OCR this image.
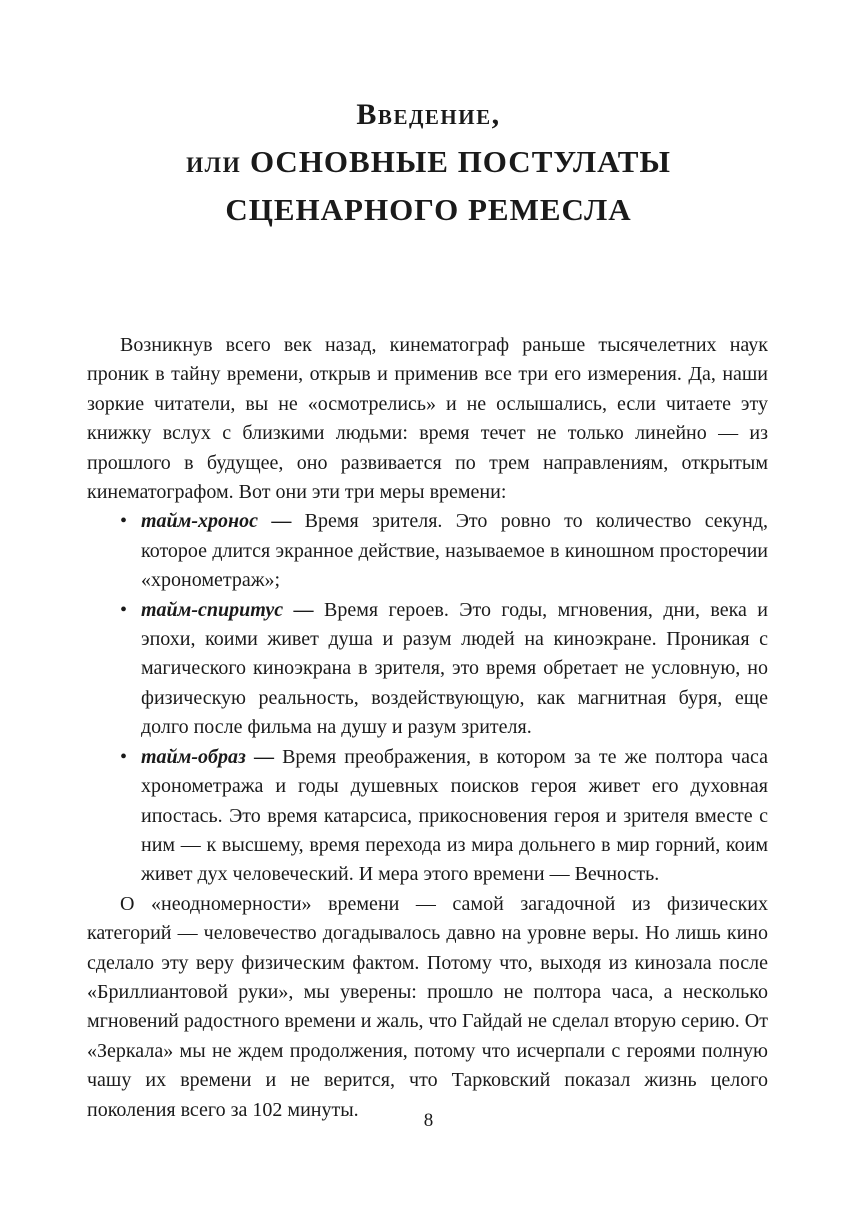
Введение,
или ОСНОВНЫЕ ПОСТУЛАТЫ
СЦЕНАРНОГО РЕМЕСЛА

Возникнув всего век назад, кинематограф раньше тысячелетних наук проник в тайну времени, открыв и применив все три его измерения. Да, наши зоркие читатели, вы не «осмотрелись» и не ослышались, если читаете эту книжку вслух с близкими людьми: время течет не только линейно — из прошлого в будущее, оно развивается по трем направлениям, открытым кинематографом. Вот они эти три меры времени:

• тайм-хронос — Время зрителя. Это ровно то количество секунд, которое длится экранное действие, называемое в киношном просторечии «хронометраж»;
• тайм-спиритус — Время героев. Это годы, мгновения, дни, века и эпохи, коими живет душа и разум людей на киноэкране. Проникая с магического киноэкрана в зрителя, это время обретает не условную, но физическую реальность, воздействующую, как магнитная буря, еще долго после фильма на душу и разум зрителя.
• тайм-образ — Время преображения, в котором за те же полтора часа хронометража и годы душевных поисков героя живет его духовная ипостась. Это время катарсиса, прикосновения героя и зрителя вместе с ним — к высшему, время перехода из мира дольнего в мир горний, коим живет дух человеческий. И мера этого времени — Вечность.

О «неодномерности» времени — самой загадочной из физических категорий — человечество догадывалось давно на уровне веры. Но лишь кино сделало эту веру физическим фактом. Потому что, выходя из кинозала после «Бриллиантовой руки», мы уверены: прошло не полтора часа, а несколько мгновений радостного времени и жаль, что Гайдай не сделал вторую серию. От «Зеркала» мы не ждем продолжения, потому что исчерпали с героями полную чашу их времени и не верится, что Тарковский показал жизнь целого поколения всего за 102 минуты.	8
